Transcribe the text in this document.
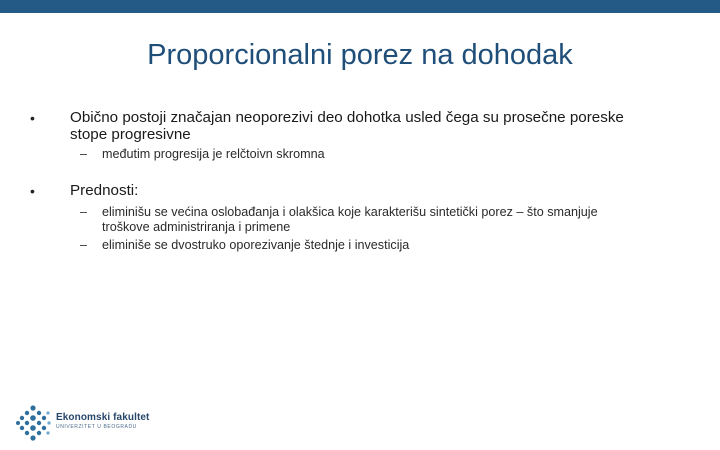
Proporcionalni porez na dohodak
• Obično postoji značajan neoporezivi deo dohotka usled čega su prosečne poreske
stope progresivne
– međutim progresija je relčtoivn skromna
• Prednosti:
– eliminišu se većina oslobađanja i olakšica koje karakterišu sintetički porez – što smanjuje
troškove administriranja i primene
– eliminiše se dvostruko oporezivanje štednje i investicija
Ekonomski fakultet
UNIVERZITET U BEOGRADU
